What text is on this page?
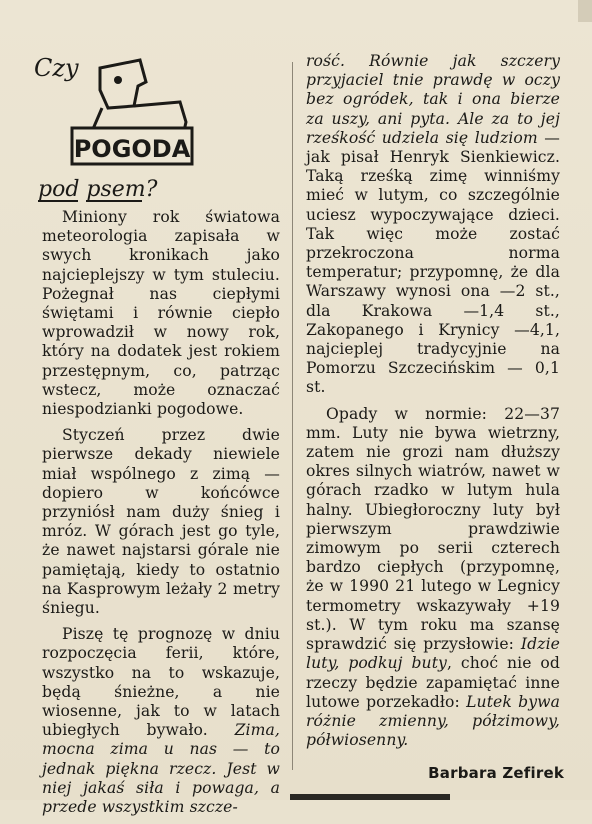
Czy
POGODA
pod psem?

Miniony rok światowa meteorologia zapisała w swych kronikach jako najcieplejszy w tym stuleciu. Pożegnał nas ciepłymi świętami i równie ciepło wprowadził w nowy rok, który na dodatek jest rokiem przestępnym, co, patrząc wstecz, może oznaczać niespodzianki pogodowe.

Styczeń przez dwie pierwsze dekady niewiele miał wspólnego z zimą — dopiero w końcówce przyniósł nam duży śnieg i mróz. W górach jest go tyle, że nawet najstarsi górale nie pamiętają, kiedy to ostatnio na Kasprowym leżały 2 metry śniegu.

Piszę tę prognozę w dniu rozpoczęcia ferii, które, wszystko na to wskazuje, będą śnieżne, a nie wiosenne, jak to w latach ubiegłych bywało. Zima, mocna zima u nas — to jednak piękna rzecz. Jest w niej jakaś siła i powaga, a przede wszystkim szcze-

rość. Równie jak szczery przyjaciel tnie prawdę w oczy bez ogródek, tak i ona bierze za uszy, ani pyta. Ale za to jej rześkość udziela się ludziom — jak pisał Henryk Sienkiewicz. Taką rześką zimę winniśmy mieć w lutym, co szczególnie uciesz wypoczywające dzieci. Tak więc może zostać przekroczona norma temperatur; przypomnę, że dla Warszawy wynosi ona —2 st., dla Krakowa —1,4 st., Zakopanego i Krynicy —4,1, najcieplej tradycyjnie na Pomorzu Szczecińskim — 0,1 st.

Opady w normie: 22—37 mm. Luty nie bywa wietrzny, zatem nie grozi nam dłuższy okres silnych wiatrów, nawet w górach rzadko w lutym hula halny. Ubiegłoroczny luty był pierwszym prawdziwie zimowym po serii czterech bardzo ciepłych (przypomnę, że w 1990 21 lutego w Legnicy termometry wskazywały +19 st.). W tym roku ma szansę sprawdzić się przysłowie: Idzie luty, podkuj buty, choć nie od rzeczy będzie zapamiętać inne lutowe porzekadło: Lutek bywa różnie zmienny, półzimowy, półwiosenny.

Barbara Zefirek
